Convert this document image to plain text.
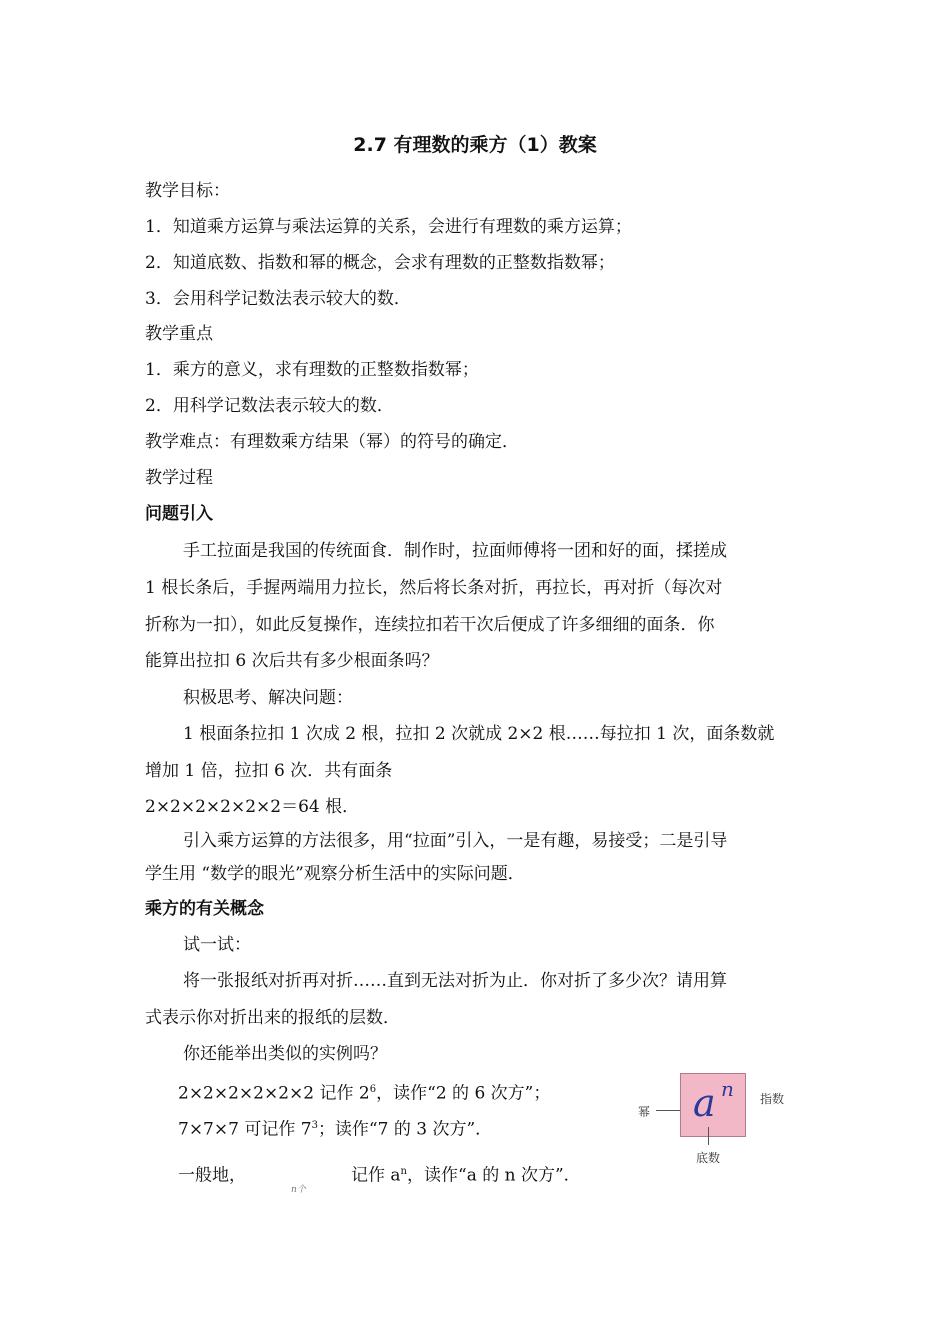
2.7 有理数的乘方（1）教案
教学目标：
1．知道乘方运算与乘法运算的关系，会进行有理数的乘方运算；
2．知道底数、指数和幂的概念，会求有理数的正整数指数幂；
3．会用科学记数法表示较大的数．
教学重点
1．乘方的意义，求有理数的正整数指数幂；
2．用科学记数法表示较大的数．
教学难点：有理数乘方结果（幂）的符号的确定．
教学过程
问题引入
手工拉面是我国的传统面食．制作时，拉面师傅将一团和好的面，揉搓成
1 根长条后，手握两端用力拉长，然后将长条对折，再拉长，再对折（每次对
折称为一扣），如此反复操作，连续拉扣若干次后便成了许多细细的面条．你
能算出拉扣 6 次后共有多少根面条吗？
积极思考、解决问题：
1 根面条拉扣 1 次成 2 根，拉扣 2 次就成 2×2 根……每拉扣 1 次，面条数就
增加 1 倍，拉扣 6 次．共有面条
2×2×2×2×2×2＝64 根．
引入乘方运算的方法很多，用“拉面”引入，一是有趣，易接受；二是引导
学生用 “数学的眼光”观察分析生活中的实际问题．
乘方的有关概念
试一试：
将一张报纸对折再对折……直到无法对折为止．你对折了多少次？请用算
式表示你对折出来的报纸的层数．
你还能举出类似的实例吗？
2×2×2×2×2×2 记作 $2^6$，读作“2 的 6 次方”；
7×7×7 可记作 $7^3$；读作“7 的 3 次方”．
一般地，
n个
记作 $a^n$，读作“a 的 n 次方”．
幂 a n 指数
底数
